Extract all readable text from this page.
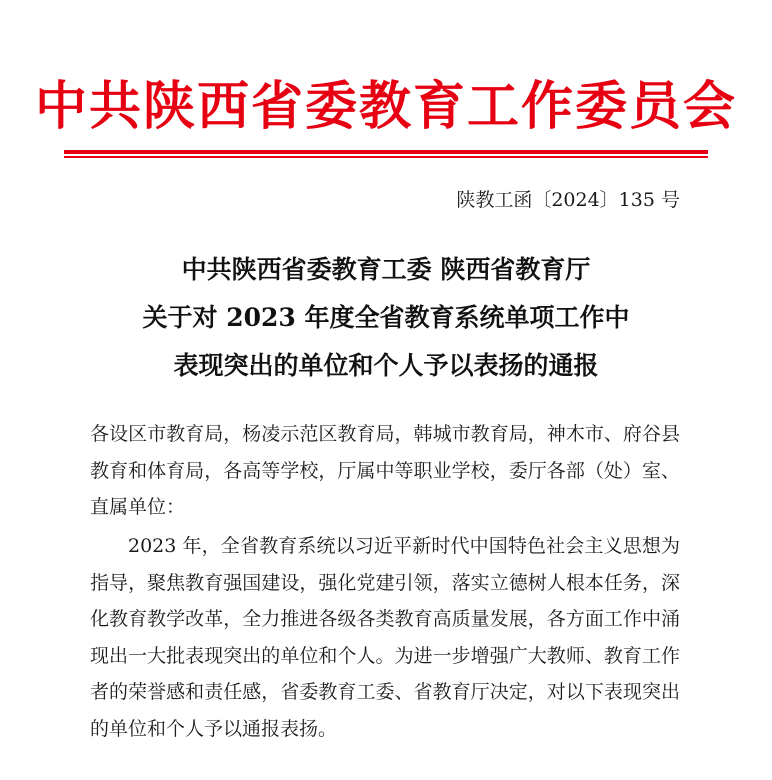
中共陕西省委教育工作委员会
陕教工函〔2024〕135 号
中共陕西省委教育工委 陕西省教育厅
关于对 2023 年度全省教育系统单项工作中
表现突出的单位和个人予以表扬的通报
各设区市教育局，杨凌示范区教育局，韩城市教育局，神木市、府谷县教育和体育局，各高等学校，厅属中等职业学校，委厅各部（处）室、直属单位：
2023 年，全省教育系统以习近平新时代中国特色社会主义思想为指导，聚焦教育强国建设，强化党建引领，落实立德树人根本任务，深化教育教学改革，全力推进各级各类教育高质量发展，各方面工作中涌现出一大批表现突出的单位和个人。为进一步增强广大教师、教育工作者的荣誉感和责任感，省委教育工委、省教育厅决定，对以下表现突出的单位和个人予以通报表扬。
